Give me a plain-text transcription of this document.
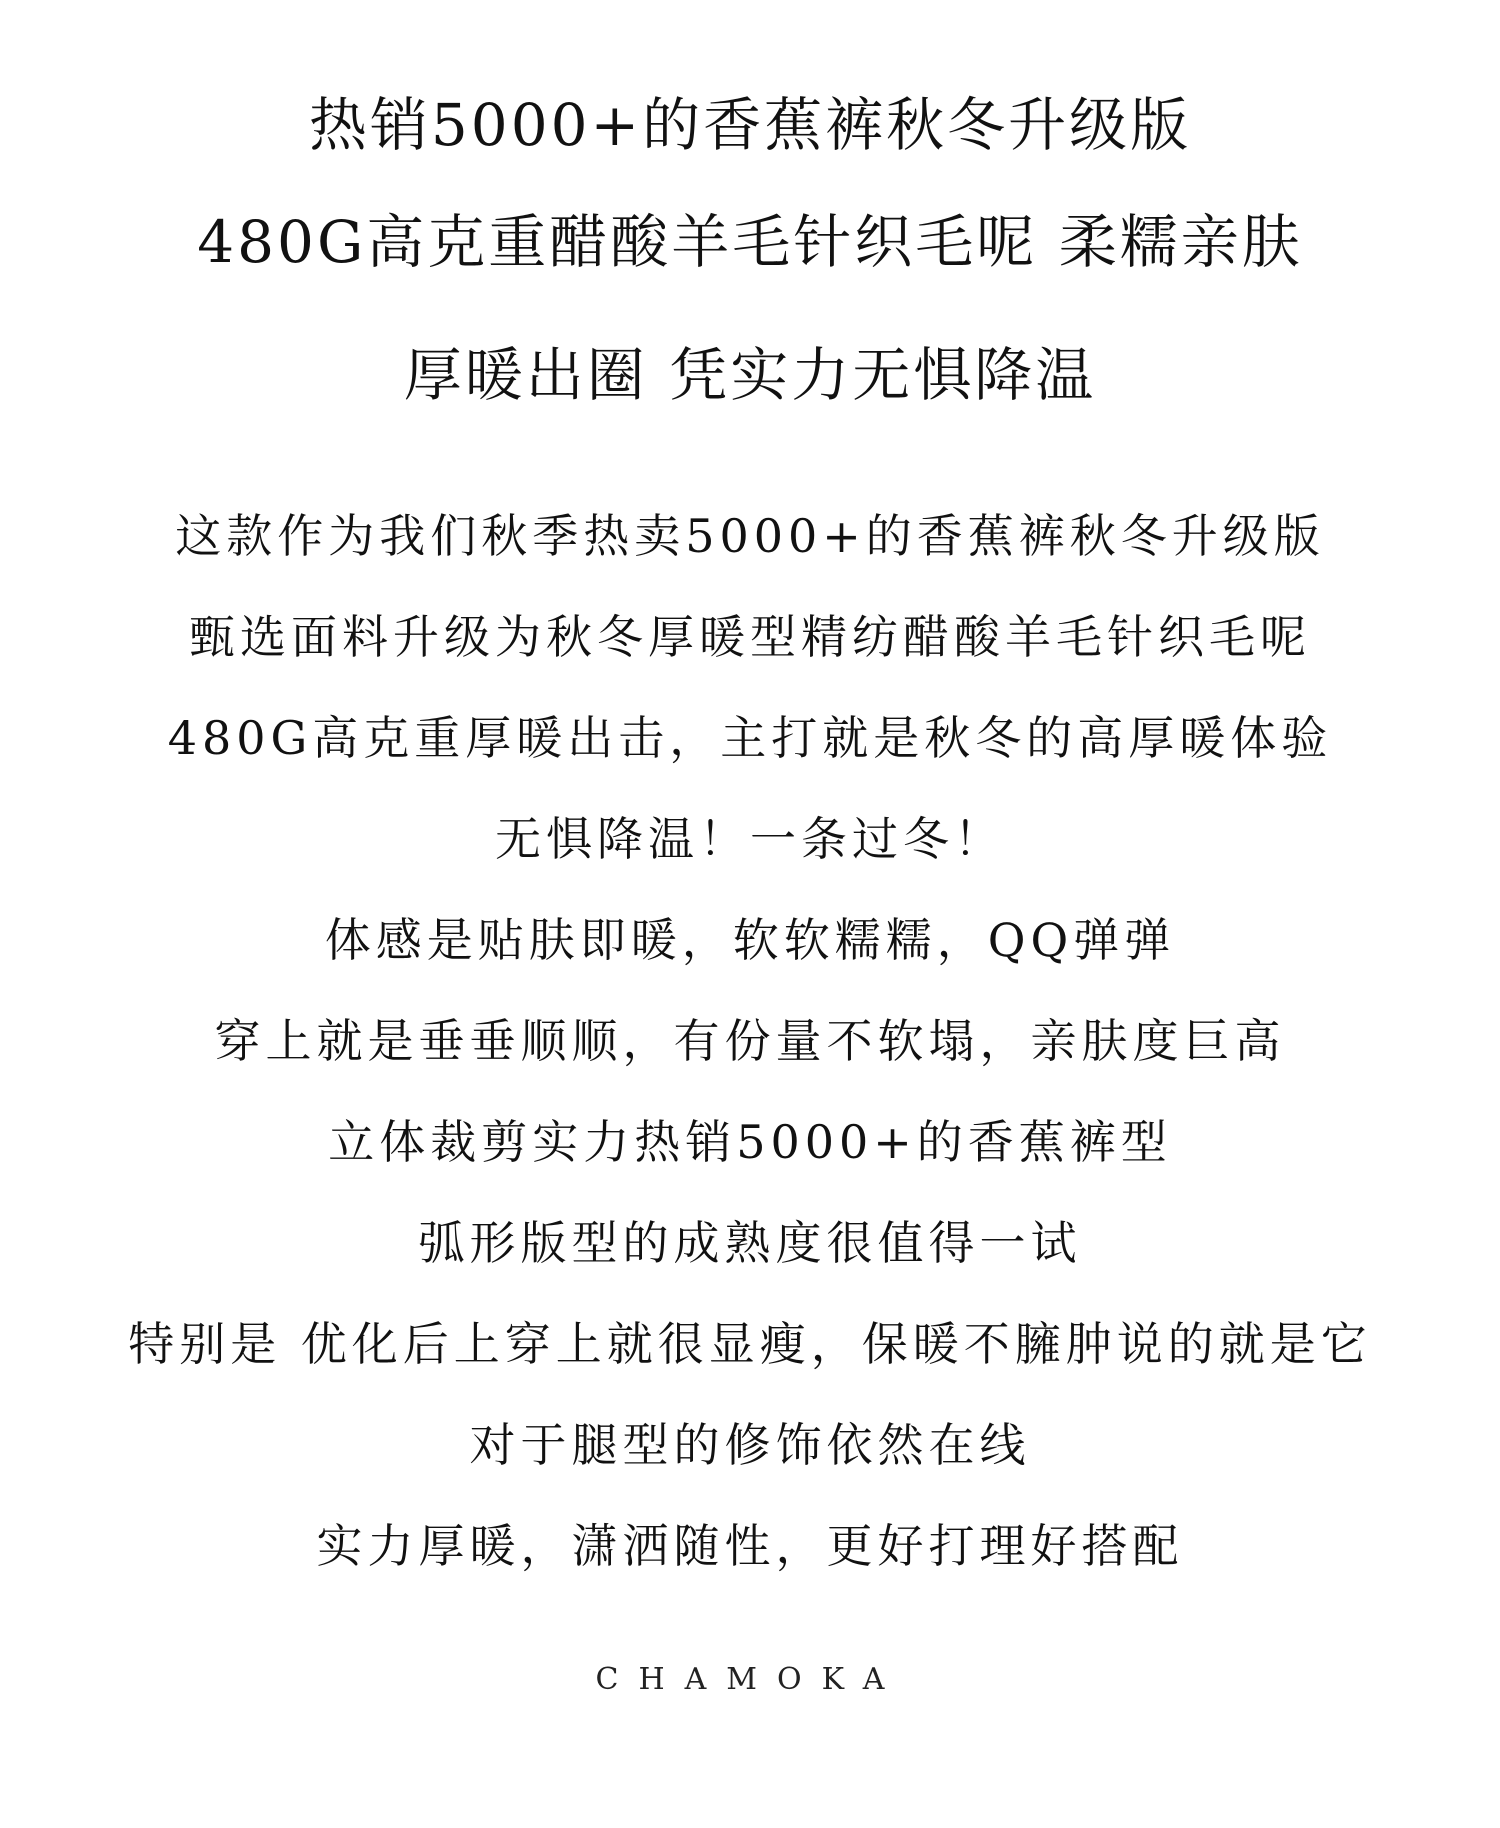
热销5000+的香蕉裤秋冬升级版
480G高克重醋酸羊毛针织毛呢 柔糯亲肤
厚暖出圈 凭实力无惧降温
这款作为我们秋季热卖5000+的香蕉裤秋冬升级版
甄选面料升级为秋冬厚暖型精纺醋酸羊毛针织毛呢
480G高克重厚暖出击，主打就是秋冬的高厚暖体验
无惧降温！一条过冬！
体感是贴肤即暖，软软糯糯，QQ弹弹
穿上就是垂垂顺顺，有份量不软塌，亲肤度巨高
立体裁剪实力热销5000+的香蕉裤型
弧形版型的成熟度很值得一试
特别是 优化后上穿上就很显瘦，保暖不臃肿说的就是它
对于腿型的修饰依然在线
实力厚暖，潇洒随性，更好打理好搭配
CHAMOKA
